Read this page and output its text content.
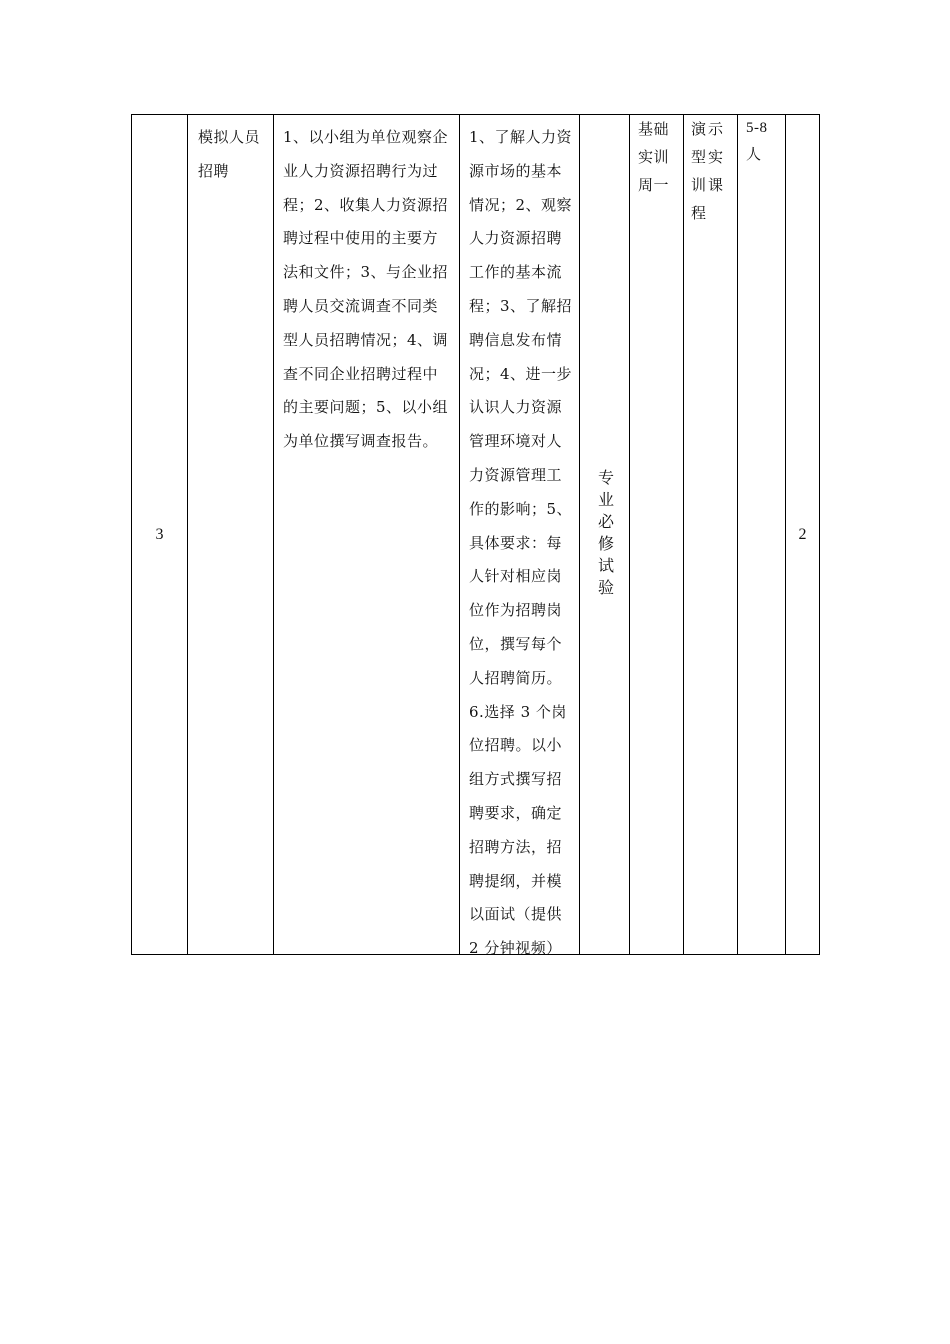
3
模拟人员招聘
1、以小组为单位观察企业人力资源招聘行为过程；2、收集人力资源招聘过程中使用的主要方法和文件；3、与企业招聘人员交流调查不同类型人员招聘情况；4、调查不同企业招聘过程中的主要问题；5、以小组为单位撰写调查报告。
1、了解人力资源市场的基本情况；2、观察人力资源招聘工作的基本流程；3、了解招聘信息发布情况；4、进一步认识人力资源管理环境对人力资源管理工作的影响；5、具体要求：每人针对相应岗位作为招聘岗位，撰写每个人招聘简历。6.选择 3 个岗位招聘。以小组方式撰写招聘要求，确定招聘方法，招聘提纲，并模以面试（提供 2 分钟视频）
专业必修试验
基础实训周一
演示型实训课程
5-8人
2
